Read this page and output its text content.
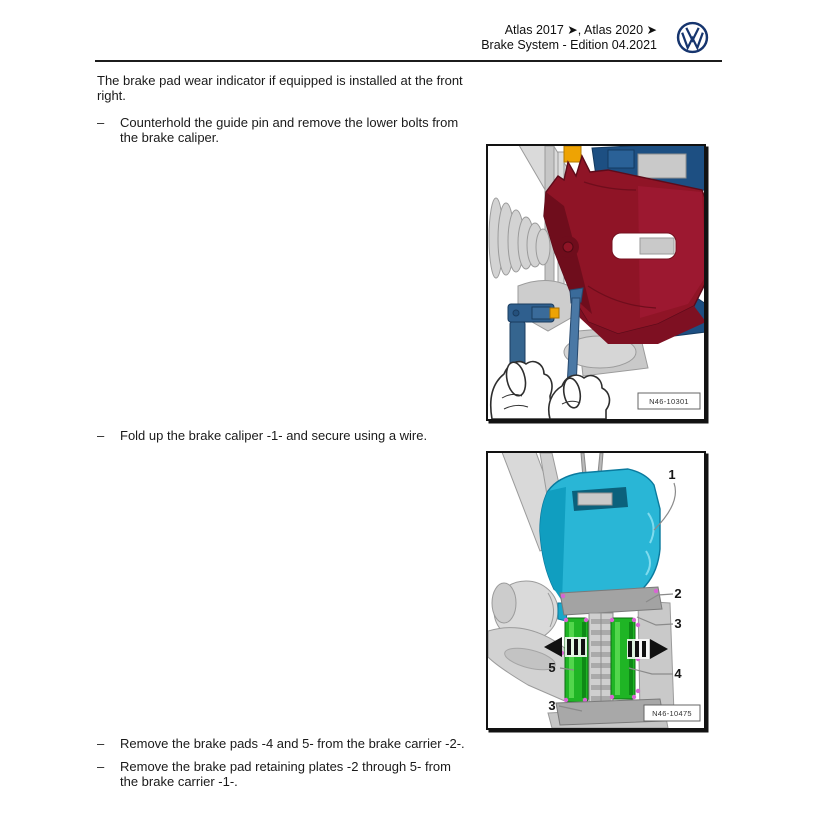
Atlas 2017 ➤, Atlas 2020 ➤
Brake System - Edition 04.2021

The brake pad wear indicator if equipped is installed at the front right.

–	Counterhold the guide pin and remove the lower bolts from the brake caliper.
–	Fold up the brake caliper -1- and secure using a wire.
–	Remove the brake pads -4 and 5- from the brake carrier -2-.
–	Remove the brake pad retaining plates -2 through 5- from the brake carrier -1-.
N46-10301
1
2
3
4
5
3
N46-10475
